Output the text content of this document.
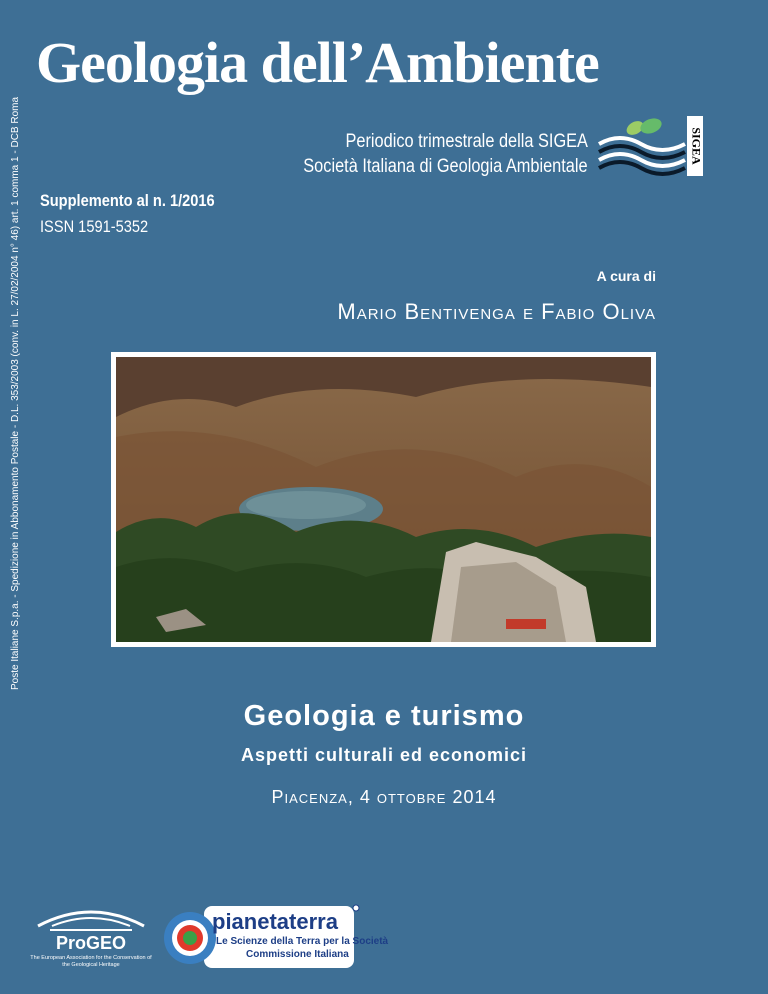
Geologia dell’Ambiente
Periodico trimestrale della SIGEA
Società Italiana di Geologia Ambientale
SIGEA
Supplemento al n. 1/2016
ISSN 1591-5352
Poste Italiane S.p.a. - Spedizione in Abbonamento Postale - D.L. 353/2003 (conv. in L. 27/02/2004 n° 46) art. 1 comma 1 - DCB Roma	A cura di
Mario Bentivenga e Fabio Oliva
Geologia e turismo
Aspetti culturali ed economici
Piacenza, 4 ottobre 2014
ProGEO
The European Association for the Conservation of the Geological Heritage
pianetaterra
Le Scienze della Terra per la Società
Commissione Italiana
